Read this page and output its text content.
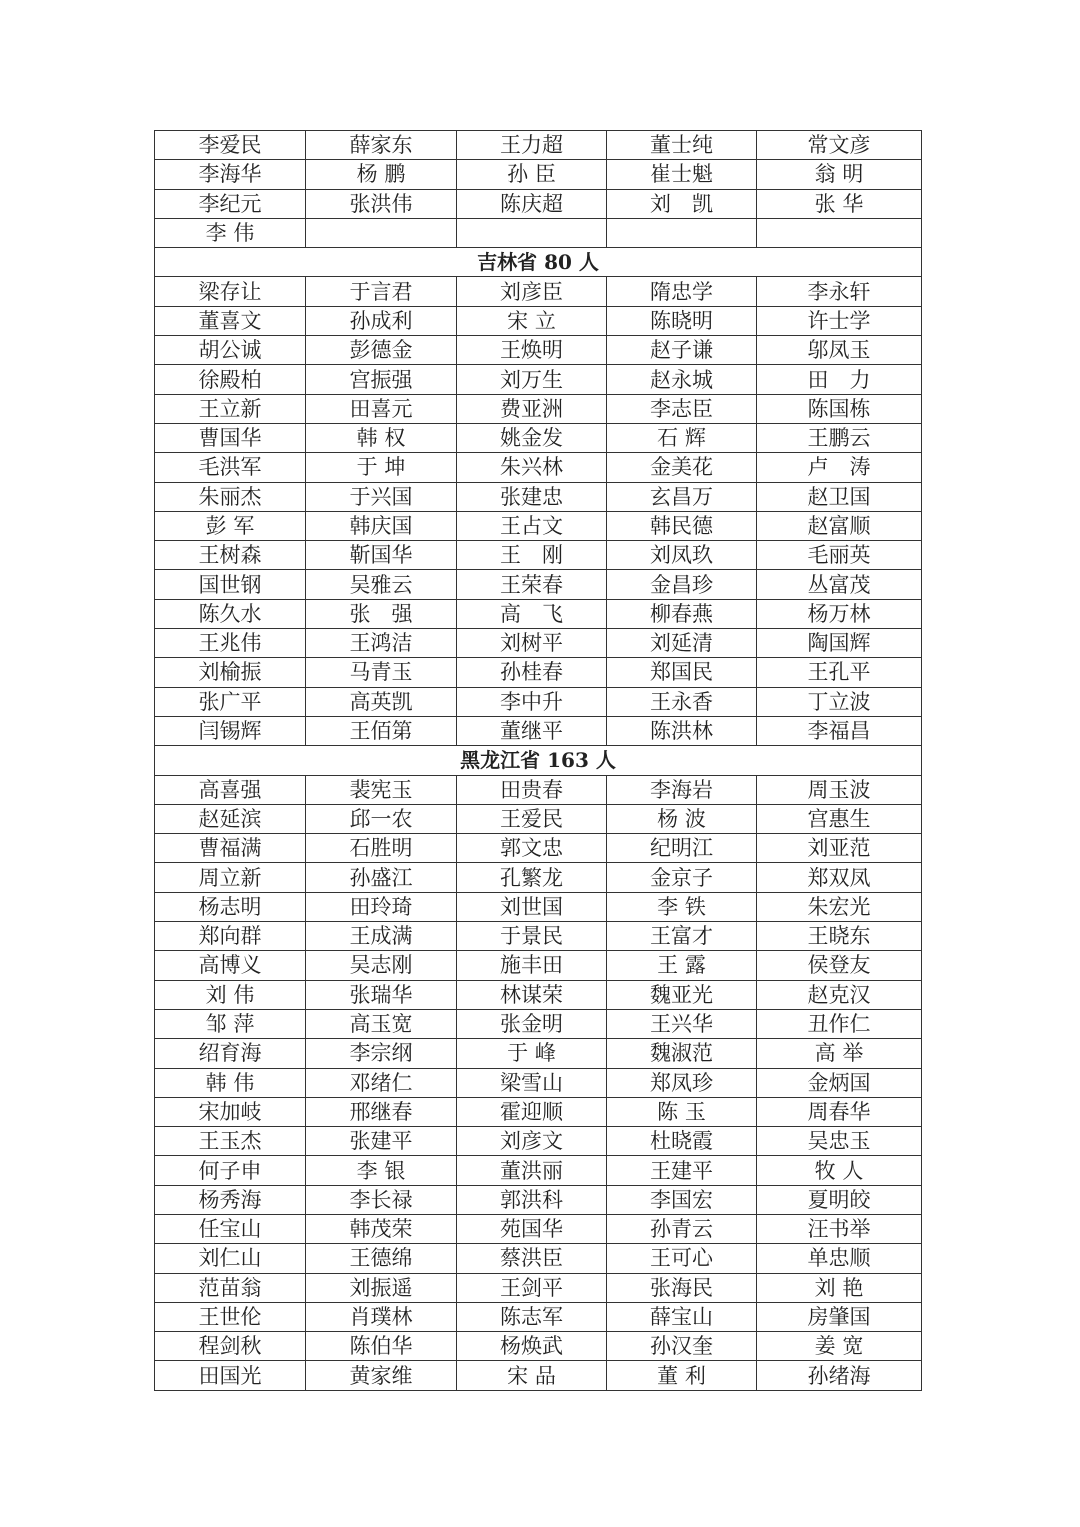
李爱民	薛家东	王力超	董士纯	常文彦
李海华	杨 鹏	孙 臣	崔士魁	翁 明
李纪元	张洪伟	陈庆超	刘　凯	张 华
李 伟				
吉林省 80 人				
梁存让	于言君	刘彦臣	隋忠学	李永轩
董喜文	孙成利	宋 立	陈晓明	许士学
胡公诚	彭德金	王焕明	赵子谦	邬凤玉
徐殿柏	宫振强	刘万生	赵永城	田　力
王立新	田喜元	费亚洲	李志臣	陈国栋
曹国华	韩 权	姚金发	石 辉	王鹏云
毛洪军	于 坤	朱兴林	金美花	卢　涛
朱丽杰	于兴国	张建忠	玄昌万	赵卫国
彭 军	韩庆国	王占文	韩民德	赵富顺
王树森	靳国华	王　刚	刘凤玖	毛丽英
国世钢	吴雅云	王荣春	金昌珍	丛富茂
陈久水	张　强	高　飞	柳春燕	杨万林
王兆伟	王鸿洁	刘树平	刘延清	陶国辉
刘榆振	马青玉	孙桂春	郑国民	王孔平
张广平	高英凯	李中升	王永香	丁立波
闫锡辉	王佰第	董继平	陈洪林	李福昌
黑龙江省 163 人				
高喜强	裴宪玉	田贵春	李海岩	周玉波
赵延滨	邱一农	王爱民	杨 波	宫惠生
曹福满	石胜明	郭文忠	纪明江	刘亚范
周立新	孙盛江	孔繁龙	金京子	郑双凤
杨志明	田玲琦	刘世国	李 铁	朱宏光
郑向群	王成满	于景民	王富才	王晓东
高博义	吴志刚	施丰田	王 露	侯登友
刘 伟	张瑞华	林谋荣	魏亚光	赵克汉
邹 萍	高玉宽	张金明	王兴华	丑作仁
绍育海	李宗纲	于 峰	魏淑范	高 举
韩 伟	邓绪仁	梁雪山	郑凤珍	金炳国
宋加岐	邢继春	霍迎顺	陈 玉	周春华
王玉杰	张建平	刘彦文	杜晓霞	吴忠玉
何子申	李 银	董洪丽	王建平	牧 人
杨秀海	李长禄	郭洪科	李国宏	夏明皎
任宝山	韩茂荣	苑国华	孙青云	汪书举
刘仁山	王德绵	蔡洪臣	王可心	单忠顺
范苗翁	刘振遥	王剑平	张海民	刘 艳
王世伦	肖璞林	陈志军	薛宝山	房肇国
程剑秋	陈伯华	杨焕武	孙汉奎	姜 宽
田国光	黄家维	宋 品	董 利	孙绪海
